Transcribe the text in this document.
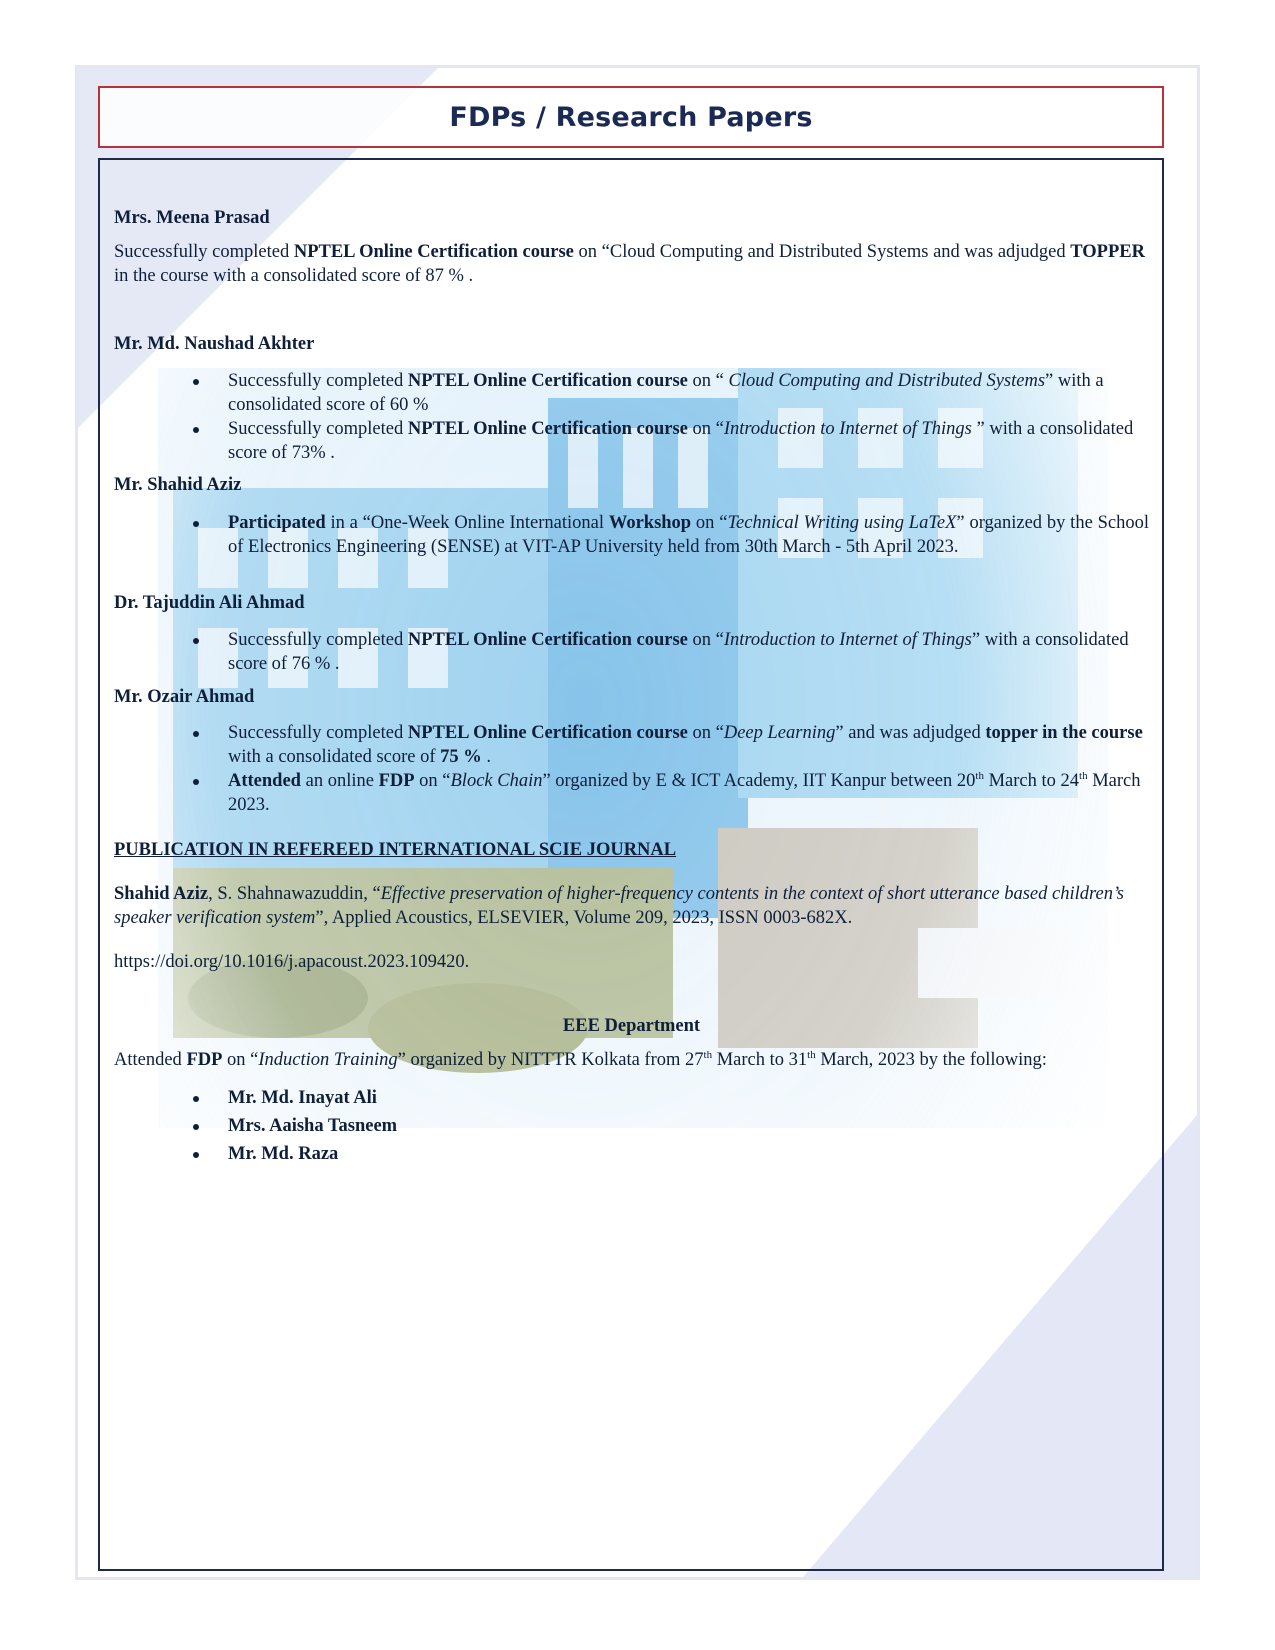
FDPs / Research Papers

Mrs. Meena Prasad

Successfully completed NPTEL Online Certification course on “Cloud Computing and Distributed Systems and was adjudged TOPPER in the course with a consolidated score of 87 % .

Mr. Md. Naushad Akhter

Successfully completed NPTEL Online Certification course on “ Cloud Computing and Distributed Systems” with a consolidated score of 60 %
Successfully completed NPTEL Online Certification course on “Introduction to Internet of Things ” with a consolidated score of 73% .

Mr. Shahid Aziz

Participated in a “One-Week Online International Workshop on “Technical Writing using LaTeX” organized by the School of Electronics Engineering (SENSE) at VIT-AP University held from 30th March - 5th April 2023.

Dr. Tajuddin Ali Ahmad

Successfully completed NPTEL Online Certification course on “Introduction to Internet of Things” with a consolidated score of 76 % .

Mr. Ozair Ahmad

Successfully completed NPTEL Online Certification course on “Deep Learning” and was adjudged topper in the course with a consolidated score of 75 % .
Attended an online FDP on “Block Chain” organized by E & ICT Academy, IIT Kanpur between 20th March to 24th March 2023.

PUBLICATION IN REFEREED INTERNATIONAL SCIE JOURNAL

Shahid Aziz, S. Shahnawazuddin, “Effective preservation of higher-frequency contents in the context of short utterance based children’s speaker verification system”, Applied Acoustics, ELSEVIER, Volume 209, 2023, ISSN 0003-682X.

https://doi.org/10.1016/j.apacoust.2023.109420.

EEE Department

Attended FDP on “Induction Training” organized by NITTTR Kolkata from 27th March to 31th March, 2023 by the following:

Mr. Md. Inayat Ali
Mrs. Aaisha Tasneem
Mr. Md. Raza
